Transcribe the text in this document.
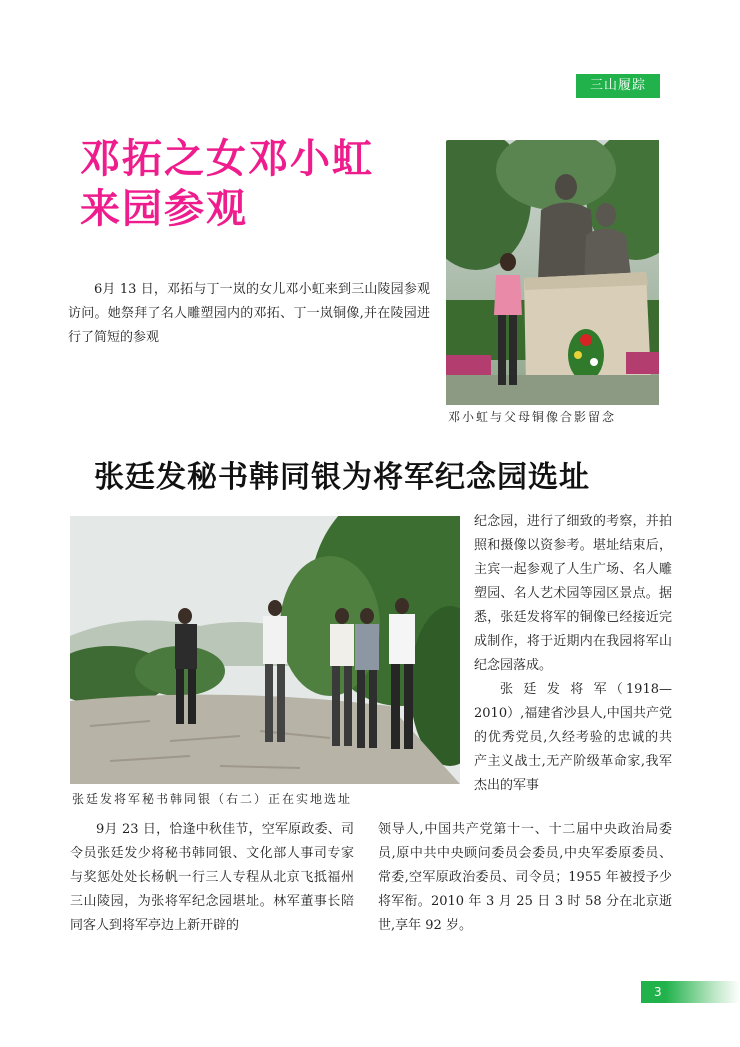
三山履踪
邓拓之女邓小虹
来园参观

6月 13 日，邓拓与丁一岚的女儿邓小虹来到三山陵园参观访问。她祭拜了名人雕塑园内的邓拓、丁一岚铜像,并在陵园进行了简短的参观

邓小虹与父母铜像合影留念
张廷发秘书韩同银为将军纪念园选址
张廷发将军秘书韩同银（右二）正在实地选址

纪念园，进行了细致的考察，并拍照和摄像以资参考。堪址结束后，主宾一起参观了人生广场、名人雕塑园、名人艺术园等园区景点。据悉，张廷发将军的铜像已经接近完成制作，将于近期内在我园将军山纪念园落成。

张 廷 发 将 军（1918—2010）,福建省沙县人,中国共产党的优秀党员,久经考验的忠诚的共产主义战士,无产阶级革命家,我军杰出的军事

9月 23 日，恰逢中秋佳节，空军原政委、司令员张廷发少将秘书韩同银、文化部人事司专家与奖惩处处长杨帆一行三人专程从北京飞抵福州三山陵园，为张将军纪念园堪址。林军董事长陪同客人到将军亭边上新开辟的

领导人,中国共产党第十一、十二届中央政治局委员,原中共中央顾问委员会委员,中央军委原委员、常委,空军原政治委员、司令员；1955 年被授予少将军衔。2010 年 3 月 25 日 3 时 58 分在北京逝世,享年 92 岁。

3
